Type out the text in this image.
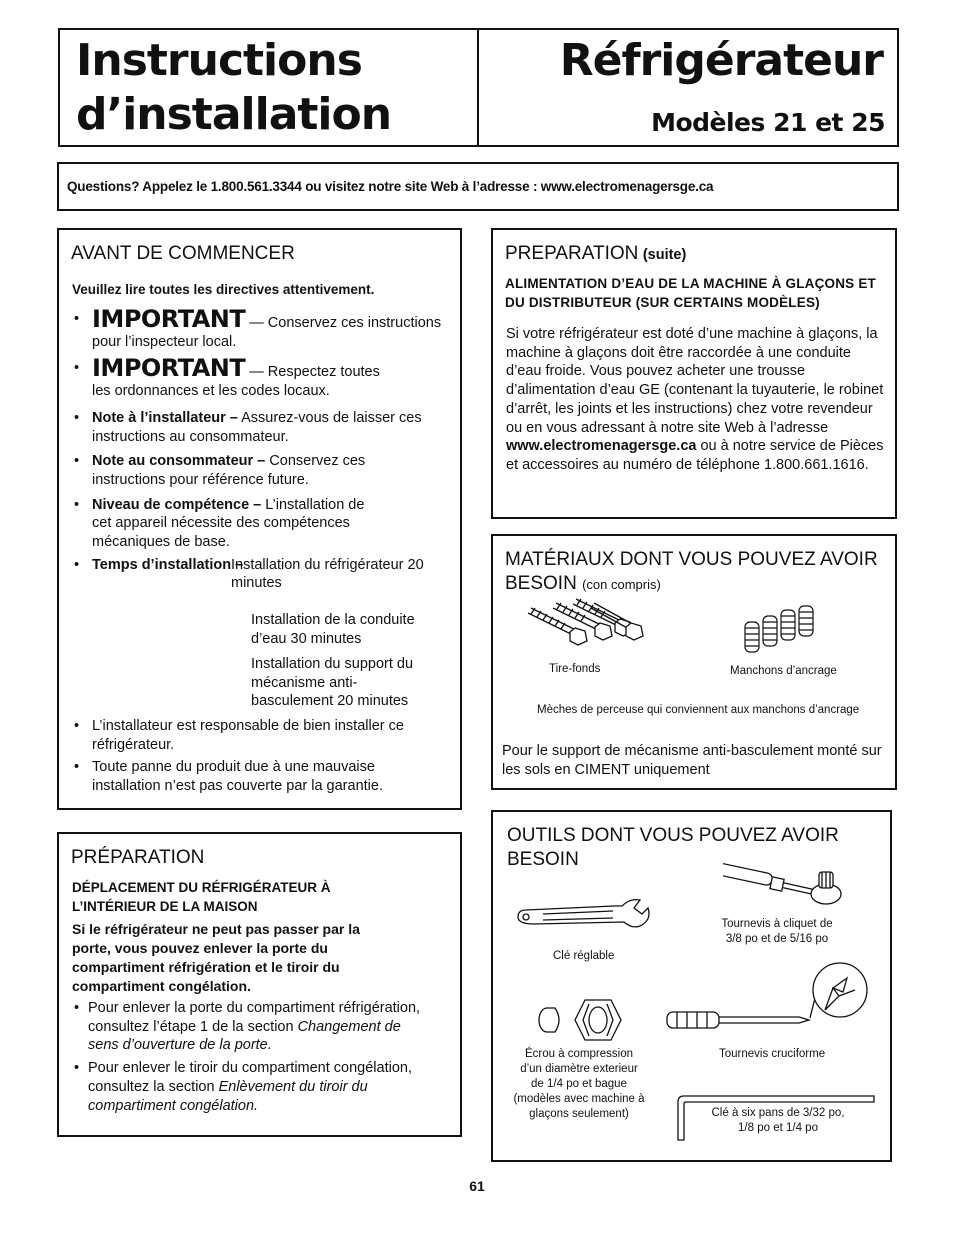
Instructions
d’installation
Réfrigérateur
Modèles 21 et 25
Questions? Appelez le 1.800.561.3344 ou visitez notre site Web à l’adresse : www.electromenagersge.ca
AVANT DE COMMENCER
Veuillez lire toutes les directives attentivement.
• IMPORTANT — Conservez ces instructions pour l’inspecteur local.
• IMPORTANT — Respectez toutes les ordonnances et les codes locaux.
• Note à l’installateur – Assurez-vous de laisser ces instructions au consommateur.
• Note au consommateur – Conservez ces instructions pour référence future.
• Niveau de compétence – L’installation de cet appareil nécessite des compétences mécaniques de base.
• Temps d’installation –
Installation du réfrigérateur 20 minutes
Installation de la conduite d’eau 30 minutes
Installation du support du mécanisme anti-basculement 20 minutes
• L’installateur est responsable de bien installer ce réfrigérateur.
• Toute panne du produit due à une mauvaise installation n’est pas couverte par la garantie.
PREPARATION (suite)
ALIMENTATION D’EAU DE LA MACHINE À GLAÇONS ET DU DISTRIBUTEUR (SUR CERTAINS MODÈLES)
Si votre réfrigérateur est doté d’une machine à glaçons, la machine à glaçons doit être raccordée à une conduite d’eau froide. Vous pouvez acheter une trousse d’alimentation d’eau GE (contenant la tuyauterie, le robinet d’arrêt, les joints et les instructions) chez votre revendeur ou en vous adressant à notre site Web à l’adresse www.electromenagersge.ca ou à notre service de Pièces et accessoires au numéro de téléphone 1.800.661.1616.
MATÉRIAUX DONT VOUS POUVEZ AVOIR BESOIN (con compris)
Tire-fonds	Manchons d’ancrage
Mèches de perceuse qui conviennent aux manchons d’ancrage
Pour le support de mécanisme anti-basculement monté sur les sols en CIMENT uniquement
PRÉPARATION
DÉPLACEMENT DU RÉFRIGÉRATEUR À L’INTÉRIEUR DE LA MAISON
Si le réfrigérateur ne peut pas passer par la porte, vous pouvez enlever la porte du compartiment réfrigération et le tiroir du compartiment congélation.
• Pour enlever la porte du compartiment réfrigération, consultez l’étape 1 de la section Changement de sens d’ouverture de la porte.
• Pour enlever le tiroir du compartiment congélation, consultez la section Enlèvement du tiroir du compartiment congélation.
OUTILS DONT VOUS POUVEZ AVOIR BESOIN
Clé réglable
Tournevis à cliquet de 3/8 po et de 5/16 po
Écrou à compression d’un diamètre exterieur de 1/4 po et bague (modèles avec machine à glaçons seulement)
Tournevis cruciforme
Clé à six pans de 3/32 po, 1/8 po et 1/4 po
61
